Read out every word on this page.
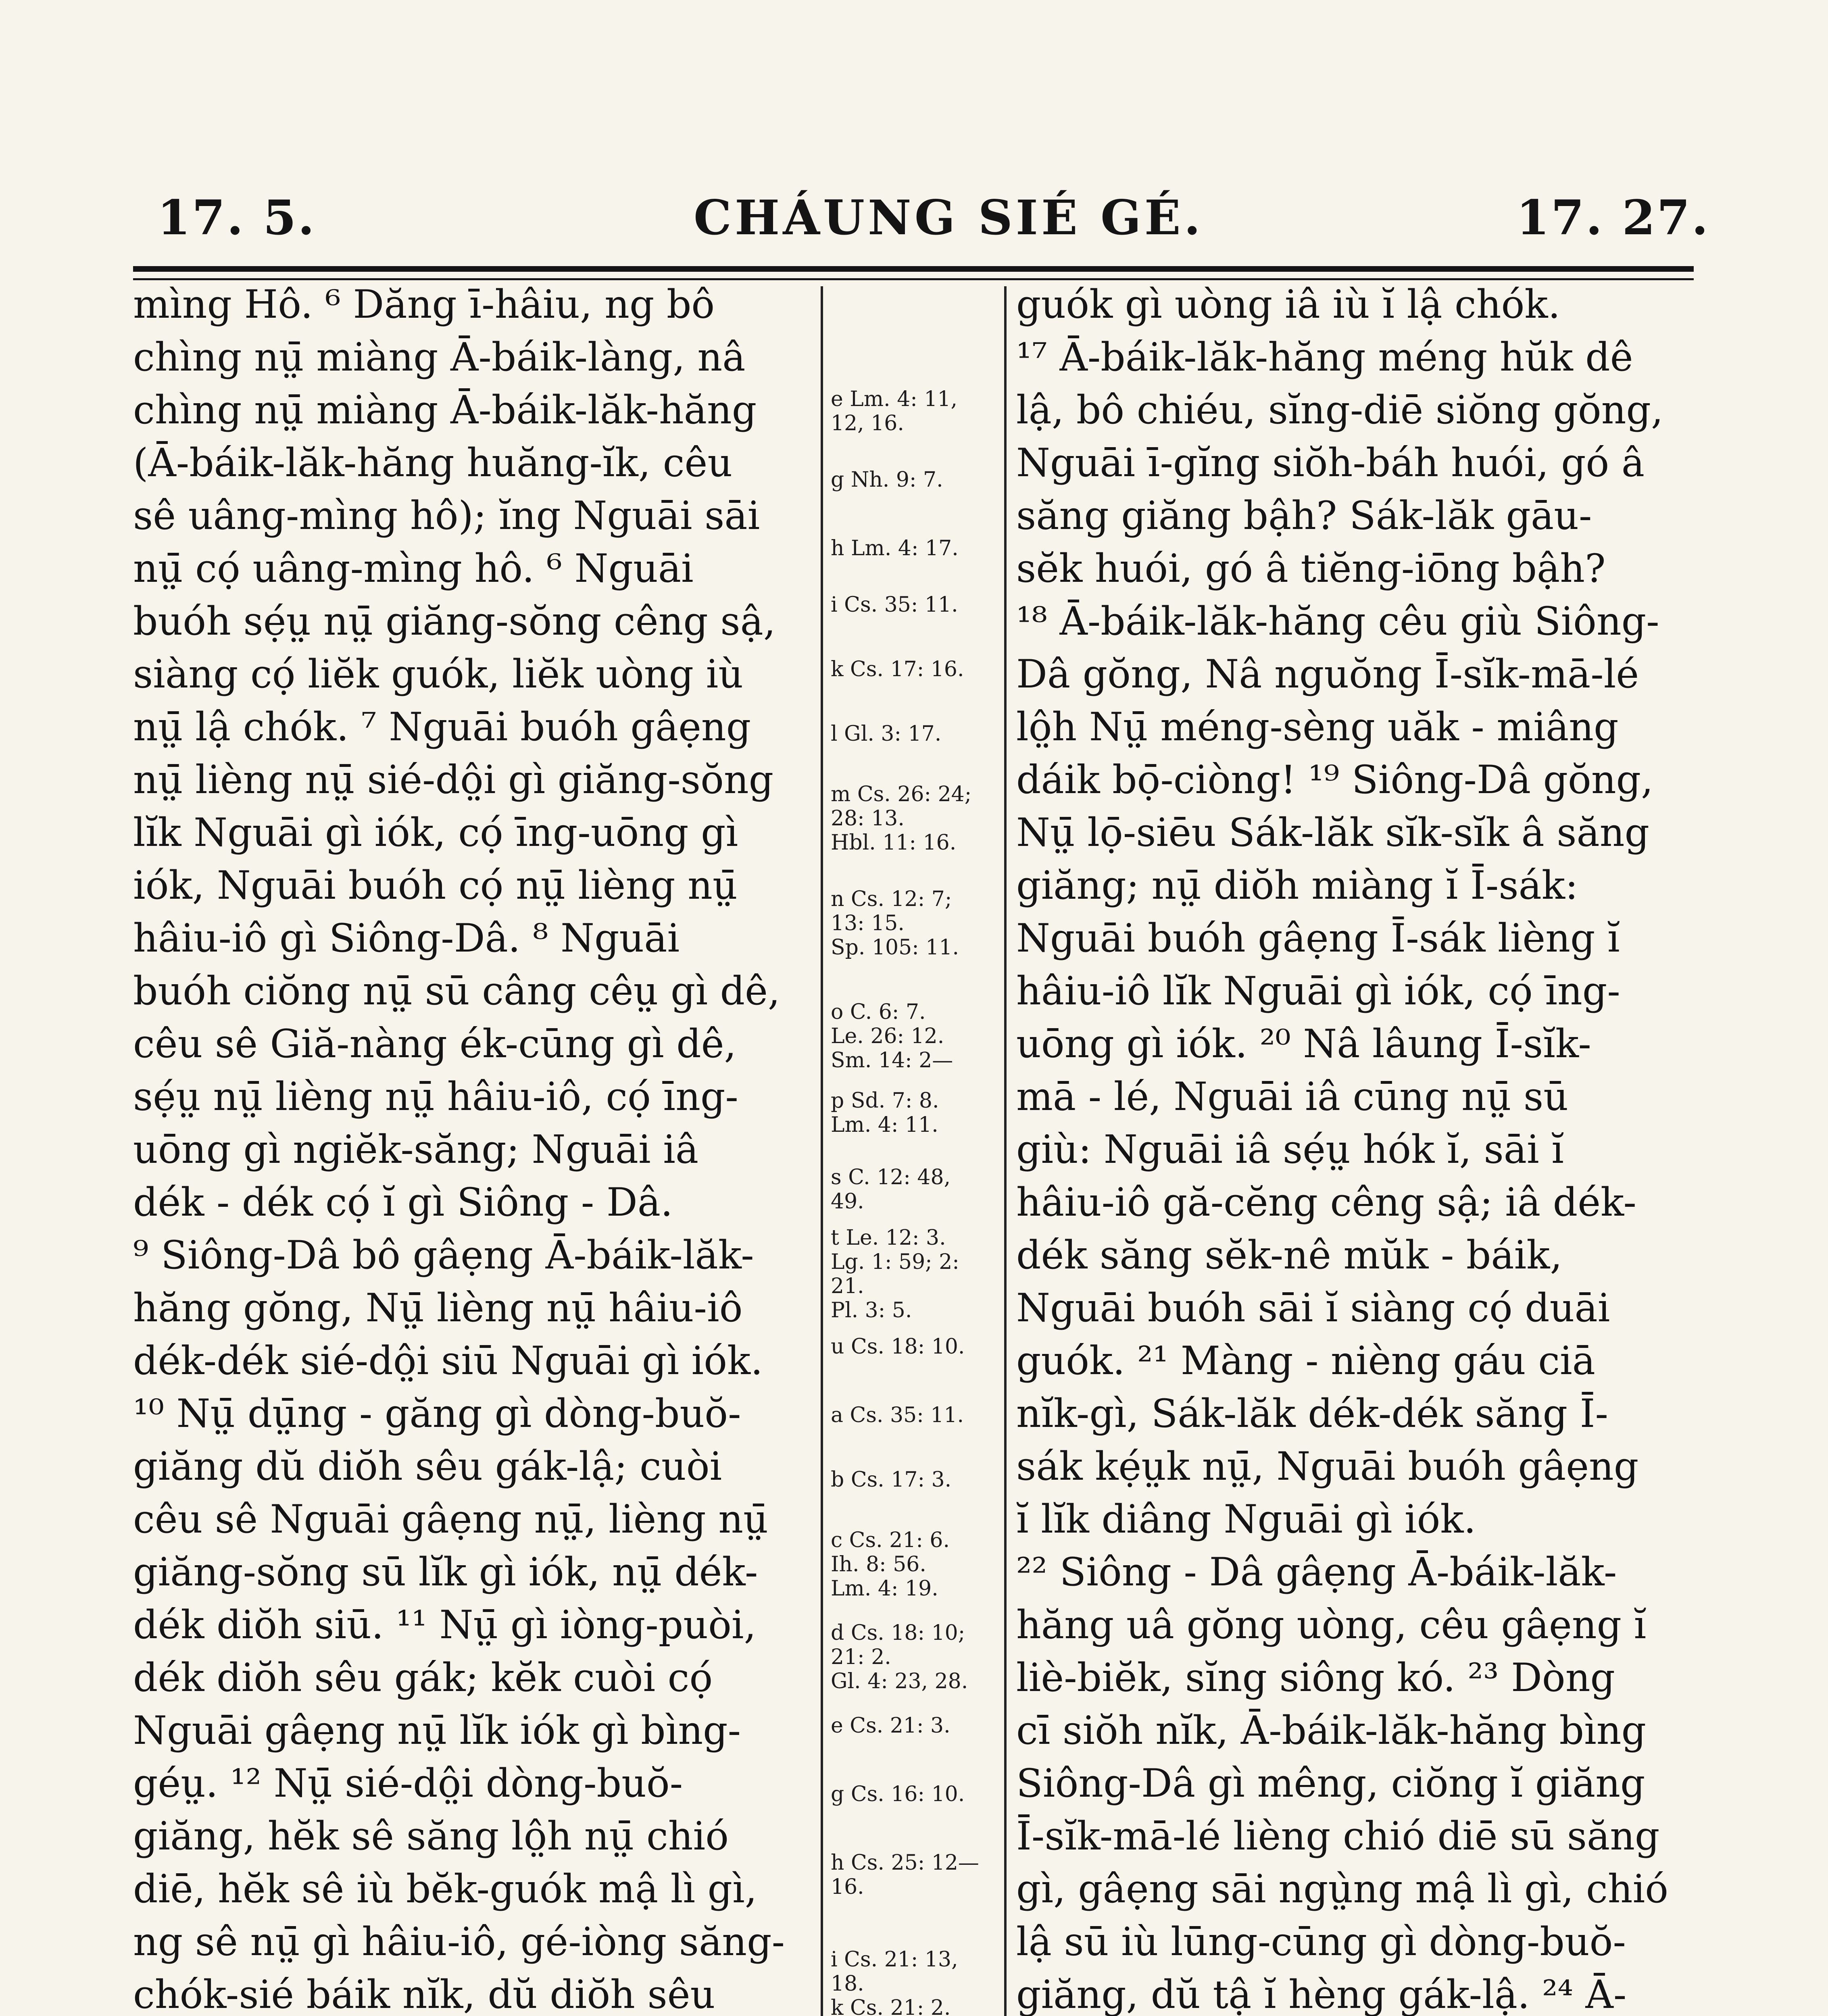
17. 5.	CHÁUNG SIÉ GÉ.	17. 27.
mìng Hô. ⁶ Dăng ī-hâiu, ng bô
chìng nṳ̄ miàng Ā-báik-làng, nâ
chìng nṳ̄ miàng Ā-báik-lăk-hăng
(Ā-báik-lăk-hăng huăng-ĭk, cêu
sê uâng-mìng hô); ĭng Nguāi sāi
nṳ̄ cọ́ uâng-mìng hô. ⁶ Nguāi
buóh sẹ́ṳ nṳ̄ giăng-sŏng cêng sậ,
siàng cọ́ liĕk guók, liĕk uòng iù
nṳ̄ lậ chók. ⁷ Nguāi buóh gâẹng
nṳ̄ lièng nṳ̄ sié-dô̤i gì giăng-sŏng
lĭk Nguāi gì iók, cọ́ īng-uōng gì
iók, Nguāi buóh cọ́ nṳ̄ lièng nṳ̄
hâiu-iô gì Siông-Dâ. ⁸ Nguāi
buóh ciŏng nṳ̄ sū câng cêṳ gì dê,
cêu sê Giă-nàng ék-cūng gì dê,
sẹ́ṳ nṳ̄ lièng nṳ̄ hâiu-iô, cọ́ īng-
uōng gì ngiĕk-săng; Nguāi iâ
dék - dék cọ́ ĭ gì Siông - Dâ.
⁹ Siông-Dâ bô gâẹng Ā-báik-lăk-
hăng gŏng, Nṳ̄ lièng nṳ̄ hâiu-iô
dék-dék sié-dô̤i siū Nguāi gì iók.
¹⁰ Nṳ̄ dṳ̄ng - găng gì dòng-buŏ-
giăng dŭ diŏh sêu gák-lậ; cuòi
cêu sê Nguāi gâẹng nṳ̄, lièng nṳ̄
giăng-sŏng sū lĭk gì iók, nṳ̄ dék-
dék diŏh siū. ¹¹ Nṳ̄ gì iòng-puòi,
dék diŏh sêu gák; kĕk cuòi cọ́
Nguāi gâẹng nṳ̄ lĭk iók gì bìng-
géṳ. ¹² Nṳ̄ sié-dô̤i dòng-buŏ-
giăng, hĕk sê săng lô̤h nṳ̄ chió
diē, hĕk sê iù bĕk-guók mậ lì gì,
ng sê nṳ̄ gì hâiu-iô, gé-iòng săng-
chók-sié báik nĭk, dŭ diŏh sêu
e Lm. 4: 11,
12, 16.
g Nh. 9: 7.
h Lm. 4: 17.
i Cs. 35: 11.
k Cs. 17: 16.
l Gl. 3: 17.
m Cs. 26: 24;
28: 13.
Hbl. 11: 16.
n Cs. 12: 7;
13: 15.
Sp. 105: 11.
o C. 6: 7.
Le. 26: 12.
Sm. 14: 2—
p Sd. 7: 8.
Lm. 4: 11.
s C. 12: 48,
49.
t Le. 12: 3.
Lg. 1: 59; 2:
21.
Pl. 3: 5.
u Cs. 18: 10.
a Cs. 35: 11.
b Cs. 17: 3.
c Cs. 21: 6.
Ih. 8: 56.
Lm. 4: 19.
d Cs. 18: 10;
21: 2.
Gl. 4: 23, 28.
e Cs. 21: 3.
g Cs. 16: 10.
h Cs. 25: 12—
16.
i Cs. 21: 13,
18.
k Cs. 21: 2.
guók gì uòng iâ iù ĭ lậ chók.
¹⁷ Ā-báik-lăk-hăng méng hŭk dê
lậ, bô chiéu, sĭng-diē siŏng gŏng,
Nguāi ī-gĭng siŏh-báh huói, gó â
săng giăng bậh? Sák-lăk gāu-
sĕk huói, gó â tiĕng-iōng bậh?
¹⁸ Ā-báik-lăk-hăng cêu giù Siông-
Dâ gŏng, Nâ nguŏng Ī-sĭk-mā-lé
lô̤h Nṳ̄ méng-sèng uăk - miâng
dáik bọ̄-ciòng! ¹⁹ Siông-Dâ gŏng,
Nṳ̄ lọ̄-siēu Sák-lăk sĭk-sĭk â săng
giăng; nṳ̄ diŏh miàng ĭ Ī-sák:
Nguāi buóh gâẹng Ī-sák lièng ĭ
hâiu-iô lĭk Nguāi gì iók, cọ́ īng-
uōng gì iók. ²⁰ Nâ lâung Ī-sĭk-
mā - lé, Nguāi iâ cūng nṳ̄ sū
giù: Nguāi iâ sẹ́ṳ hók ĭ, sāi ĭ
hâiu-iô gă-cĕng cêng sậ; iâ dék-
dék săng sĕk-nê mŭk - báik,
Nguāi buóh sāi ĭ siàng cọ́ duāi
guók. ²¹ Màng - nièng gáu ciā
nĭk-gì, Sák-lăk dék-dék săng Ī-
sák kẹ́ṳk nṳ̄, Nguāi buóh gâẹng
ĭ lĭk diâng Nguāi gì iók.
²² Siông - Dâ gâẹng Ā-báik-lăk-
hăng uâ gŏng uòng, cêu gâẹng ĭ
liè-biĕk, sĭng siông kó. ²³ Dòng
cī siŏh nĭk, Ā-báik-lăk-hăng bìng
Siông-Dâ gì mêng, ciŏng ĭ giăng
Ī-sĭk-mā-lé lièng chió diē sū săng
gì, gâẹng sāi ngṳ̀ng mậ lì gì, chió
lậ sū iù lūng-cūng gì dòng-buŏ-
giăng, dŭ tậ ĭ hèng gák-lậ. ²⁴ Ā-
